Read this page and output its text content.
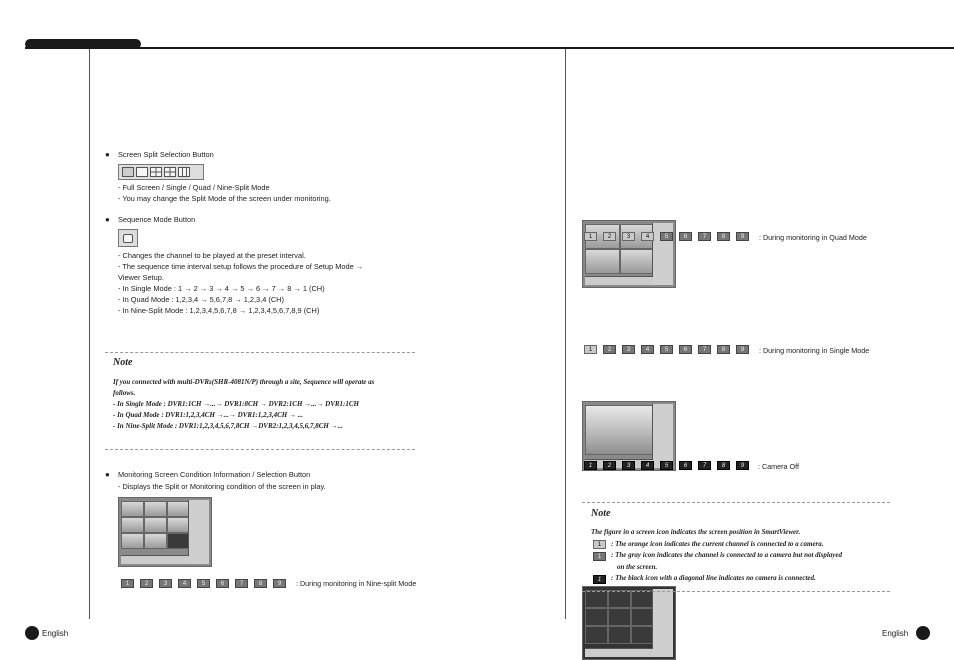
● Screen Split Selection Button
- Full Screen / Single / Quad / Nine-Split Mode
- You may change the Split Mode of the screen under monitoring.
● Sequence Mode Button
- Changes the channel to be played at the preset interval.
- The sequence time interval setup follows the procedure of Setup Mode →
Viewer Setup.
- In Single Mode : 1 → 2 → 3 → 4 → 5 → 6 → 7 → 8 → 1 (CH)
- In Quad Mode : 1,2,3,4 → 5,6,7,8 → 1,2,3,4 (CH)
- In Nine-Split Mode : 1,2,3,4,5,6,7,8 → 1,2,3,4,5,6,7,8,9 (CH)
Note
If you connected with multi-DVRs(SHR-4081N/P) through a site, Sequence will operate as
follows.
- In Single Mode : DVR1:1CH →...→ DVR1:8CH → DVR2:1CH →...→ DVR1:1CH
- In Quad Mode : DVR1:1,2,3,4CH →...→ DVR1:1,2,3,4CH → ...
- In Nine-Split Mode : DVR1:1,2,3,4,5,6,7,8CH →DVR2:1,2,3,4,5,6,7,8CH →...
● Monitoring Screen Condition Information / Selection Button
- Displays the Split or Monitoring condition of the screen in play.
1	2	3	4	5	6	7	8	9	: During monitoring in Nine-split Mode
1	2	3	4	5	6	7	8	9	: During monitoring in Quad Mode
1	2	3	4	5	6	7	8	9	: During monitoring in Single Mode
1	2	3	4	5	6	7	8	9	: Camera Off
Note
The figure in a screen icon indicates the screen position in SmartViewer.
1	: The orange icon indicates the current channel is connected to a camera.
1	: The gray icon indicates the channel is connected to a camera but not displayed
on the screen.
1	: The black icon with a diagonal line indicates no camera is connected.
English	English
